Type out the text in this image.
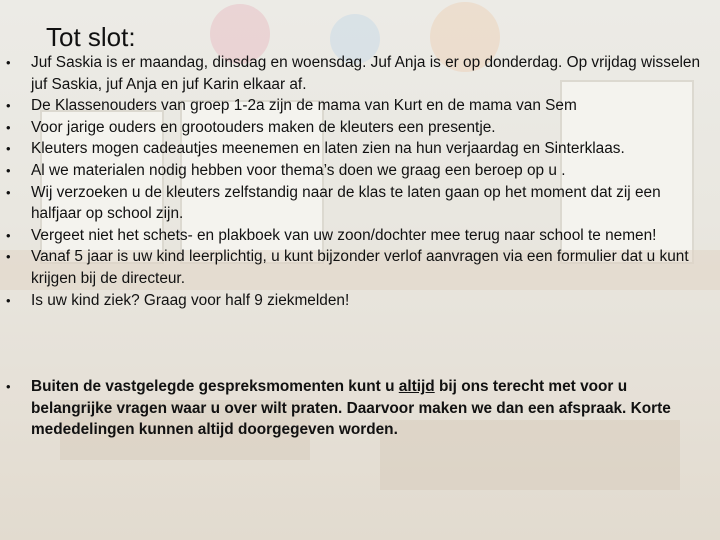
Tot slot:
• Juf Saskia is er maandag, dinsdag en woensdag. Juf Anja is er op donderdag. Op vrijdag wisselen juf Saskia, juf Anja en juf Karin elkaar af.
• De Klassenouders van groep 1-2a zijn de mama van Kurt en de mama van Sem
• Voor jarige ouders en grootouders maken de kleuters een presentje.
• Kleuters mogen cadeautjes meenemen en laten zien na hun verjaardag en Sinterklaas.
• Al we materialen nodig hebben voor thema’s doen we graag een beroep op u .
• Wij verzoeken u de kleuters zelfstandig naar de klas te laten gaan op het moment dat zij een halfjaar op school zijn.
• Vergeet niet het schets- en plakboek van uw zoon/dochter mee terug naar school te nemen!
• Vanaf 5 jaar is uw kind leerplichtig, u kunt bijzonder verlof aanvragen via een formulier dat u kunt krijgen bij de directeur.
• Is uw kind ziek? Graag voor half 9 ziekmelden!
• Buiten de vastgelegde gespreksmomenten kunt u altijd bij ons terecht met voor u belangrijke vragen waar u over wilt praten. Daarvoor maken we dan een afspraak. Korte mededelingen kunnen altijd doorgegeven worden.
